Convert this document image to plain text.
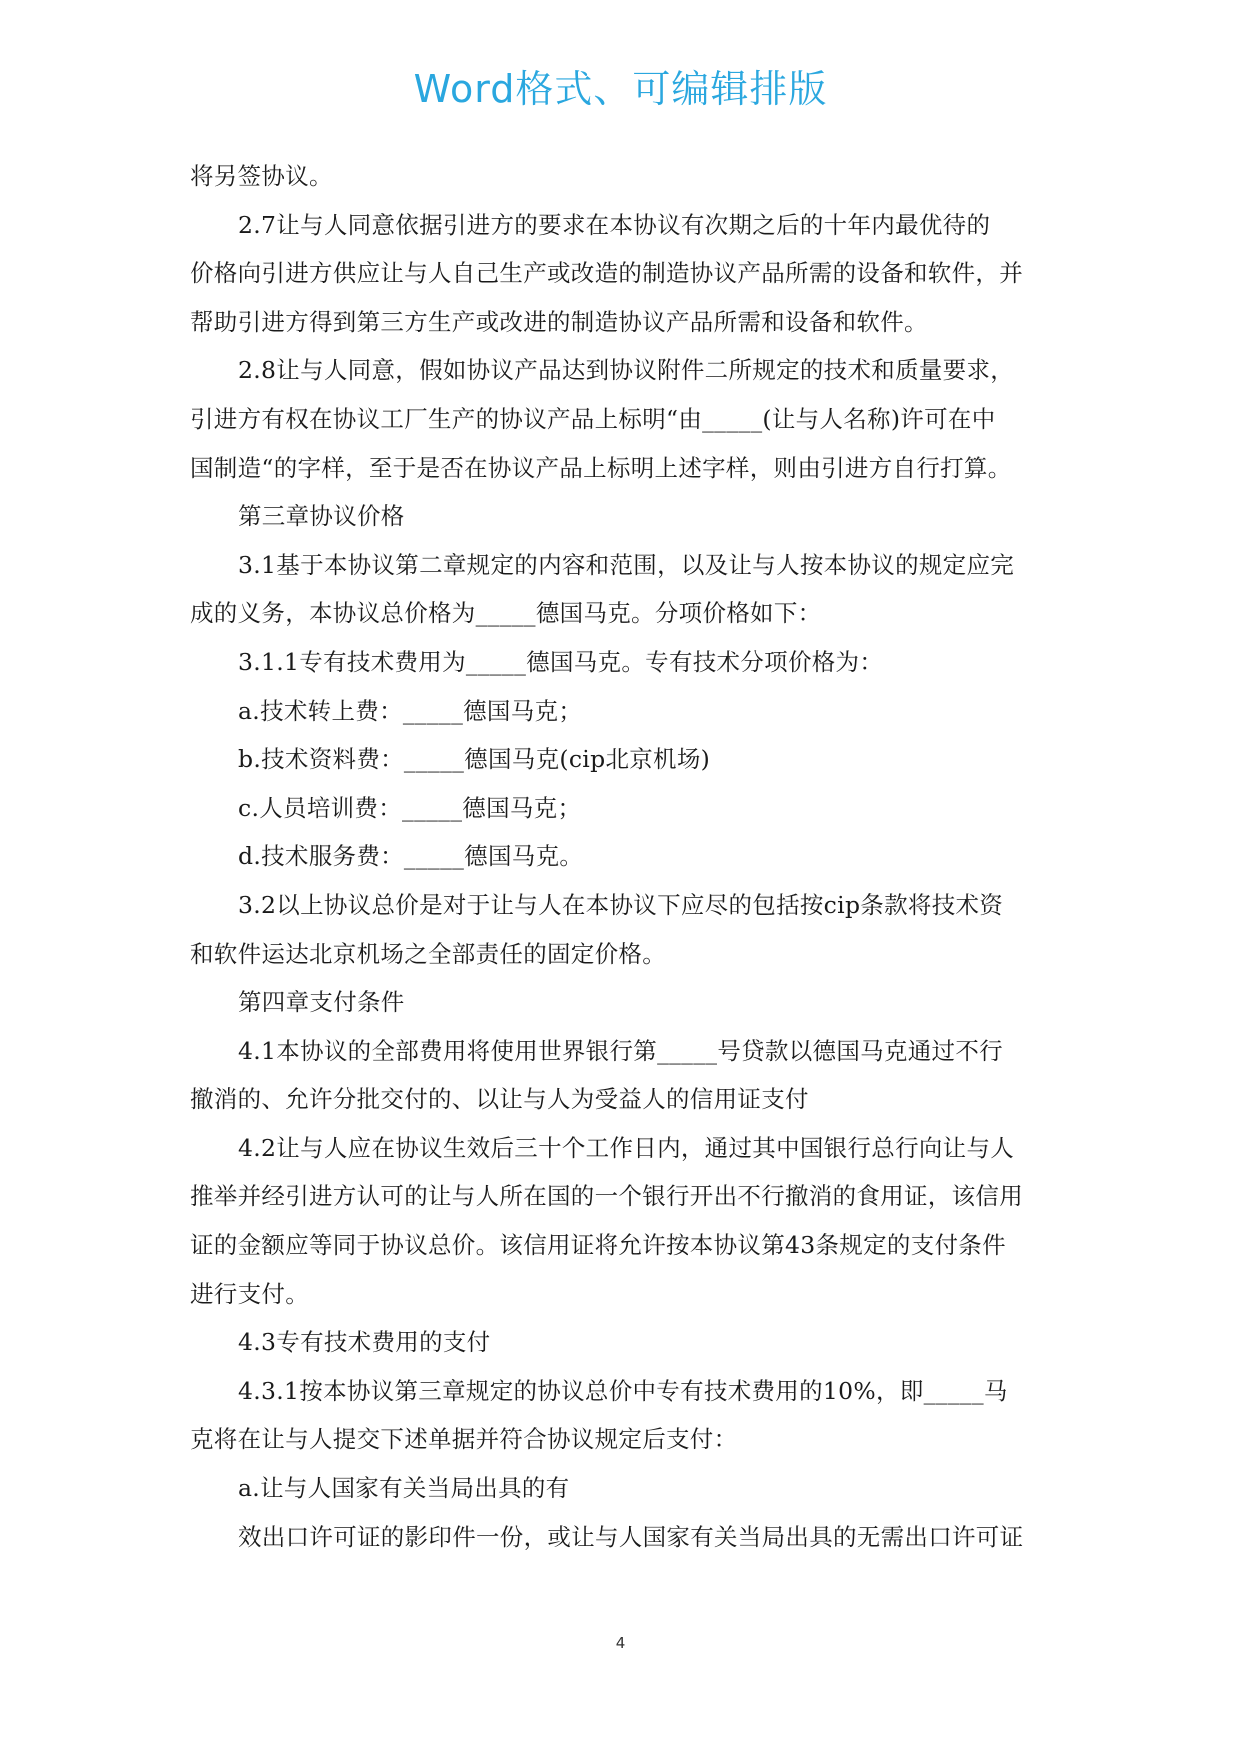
Word格式、可编辑排版
将另签协议。
2.7让与人同意依据引进方的要求在本协议有次期之后的十年内最优待的
价格向引进方供应让与人自己生产或改造的制造协议产品所需的设备和软件，并
帮助引进方得到第三方生产或改进的制造协议产品所需和设备和软件。
2.8让与人同意，假如协议产品达到协议附件二所规定的技术和质量要求，
引进方有权在协议工厂生产的协议产品上标明“由_____(让与人名称)许可在中
国制造“的字样，至于是否在协议产品上标明上述字样，则由引进方自行打算。
第三章协议价格
3.1基于本协议第二章规定的内容和范围，以及让与人按本协议的规定应完
成的义务，本协议总价格为_____德国马克。分项价格如下：
3.1.1专有技术费用为_____德国马克。专有技术分项价格为：
a.技术转上费：_____德国马克；
b.技术资料费：_____德国马克(cip北京机场)
c.人员培训费：_____德国马克；
d.技术服务费：_____德国马克。
3.2以上协议总价是对于让与人在本协议下应尽的包括按cip条款将技术资
和软件运达北京机场之全部责任的固定价格。
第四章支付条件
4.1本协议的全部费用将使用世界银行第_____号贷款以德国马克通过不行
撤消的、允许分批交付的、以让与人为受益人的信用证支付
4.2让与人应在协议生效后三十个工作日内，通过其中国银行总行向让与人
推举并经引进方认可的让与人所在国的一个银行开出不行撤消的食用证，该信用
证的金额应等同于协议总价。该信用证将允许按本协议第43条规定的支付条件
进行支付。
4.3专有技术费用的支付
4.3.1按本协议第三章规定的协议总价中专有技术费用的10%，即_____马
克将在让与人提交下述单据并符合协议规定后支付：
a.让与人国家有关当局出具的有
效出口许可证的影印件一份，或让与人国家有关当局出具的无需出口许可证
4
